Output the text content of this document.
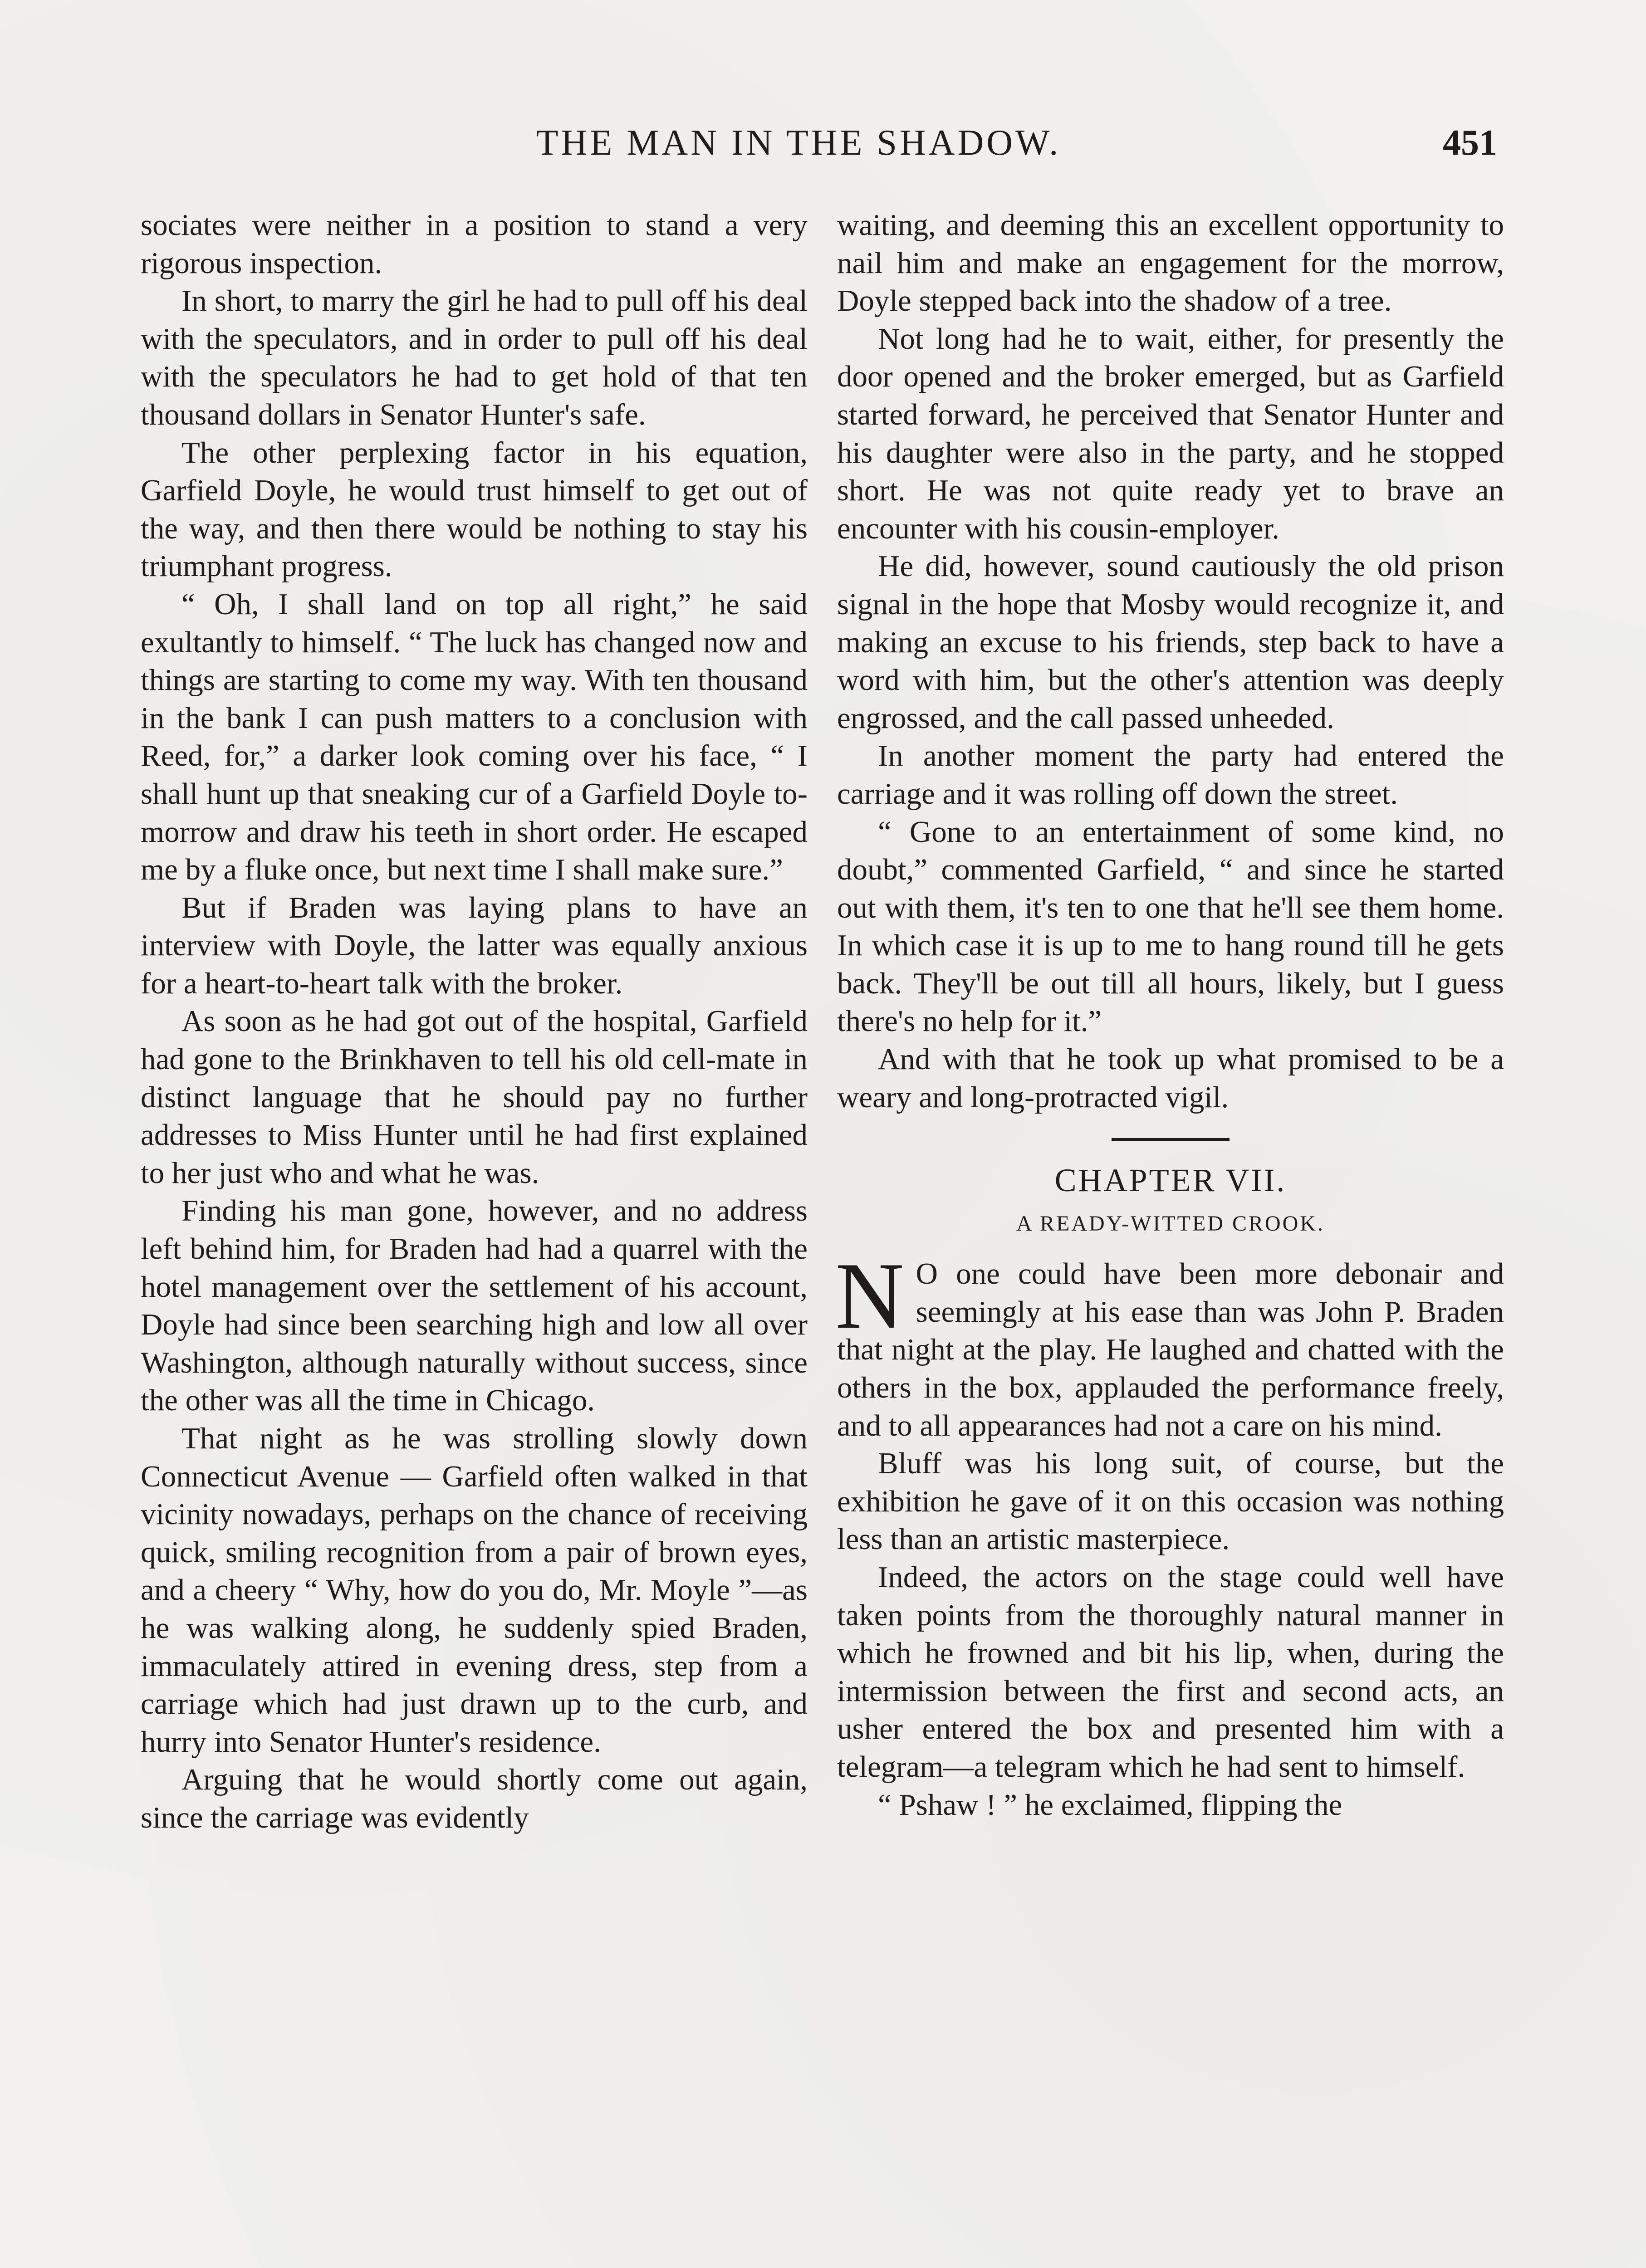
THE MAN IN THE SHADOW.	451

sociates were neither in a position to stand a very rigorous inspection.

In short, to marry the girl he had to pull off his deal with the speculators, and in order to pull off his deal with the speculators he had to get hold of that ten thousand dollars in Senator Hunter's safe.

The other perplexing factor in his equation, Garfield Doyle, he would trust himself to get out of the way, and then there would be nothing to stay his triumphant progress.

“ Oh, I shall land on top all right,” he said exultantly to himself. “ The luck has changed now and things are starting to come my way. With ten thousand in the bank I can push matters to a conclusion with Reed, for,” a darker look coming over his face, “ I shall hunt up that sneaking cur of a Garfield Doyle to-morrow and draw his teeth in short order. He escaped me by a fluke once, but next time I shall make sure.”

But if Braden was laying plans to have an interview with Doyle, the latter was equally anxious for a heart-to-heart talk with the broker.

As soon as he had got out of the hospital, Garfield had gone to the Brinkhaven to tell his old cell-mate in distinct language that he should pay no further addresses to Miss Hunter until he had first explained to her just who and what he was.

Finding his man gone, however, and no address left behind him, for Braden had had a quarrel with the hotel management over the settlement of his account, Doyle had since been searching high and low all over Washington, although naturally without success, since the other was all the time in Chicago.

That night as he was strolling slowly down Connecticut Avenue — Garfield often walked in that vicinity nowadays, perhaps on the chance of receiving quick, smiling recognition from a pair of brown eyes, and a cheery “ Why, how do you do, Mr. Moyle ”—as he was walking along, he suddenly spied Braden, immaculately attired in evening dress, step from a carriage which had just drawn up to the curb, and hurry into Senator Hunter's residence.

Arguing that he would shortly come out again, since the carriage was evidently

waiting, and deeming this an excellent opportunity to nail him and make an engagement for the morrow, Doyle stepped back into the shadow of a tree.

Not long had he to wait, either, for presently the door opened and the broker emerged, but as Garfield started forward, he perceived that Senator Hunter and his daughter were also in the party, and he stopped short. He was not quite ready yet to brave an encounter with his cousin-employer.

He did, however, sound cautiously the old prison signal in the hope that Mosby would recognize it, and making an excuse to his friends, step back to have a word with him, but the other's attention was deeply engrossed, and the call passed unheeded.

In another moment the party had entered the carriage and it was rolling off down the street.

“ Gone to an entertainment of some kind, no doubt,” commented Garfield, “ and since he started out with them, it's ten to one that he'll see them home. In which case it is up to me to hang round till he gets back. They'll be out till all hours, likely, but I guess there's no help for it.”

And with that he took up what promised to be a weary and long-protracted vigil.

CHAPTER VII.
A READY-WITTED CROOK.

N O one could have been more debonair and seemingly at his ease than was John P. Braden that night at the play. He laughed and chatted with the others in the box, applauded the performance freely, and to all appearances had not a care on his mind.

Bluff was his long suit, of course, but the exhibition he gave of it on this occasion was nothing less than an artistic masterpiece.

Indeed, the actors on the stage could well have taken points from the thoroughly natural manner in which he frowned and bit his lip, when, during the intermission between the first and second acts, an usher entered the box and presented him with a telegram—a telegram which he had sent to himself.

“ Pshaw ! ” he exclaimed, flipping the
